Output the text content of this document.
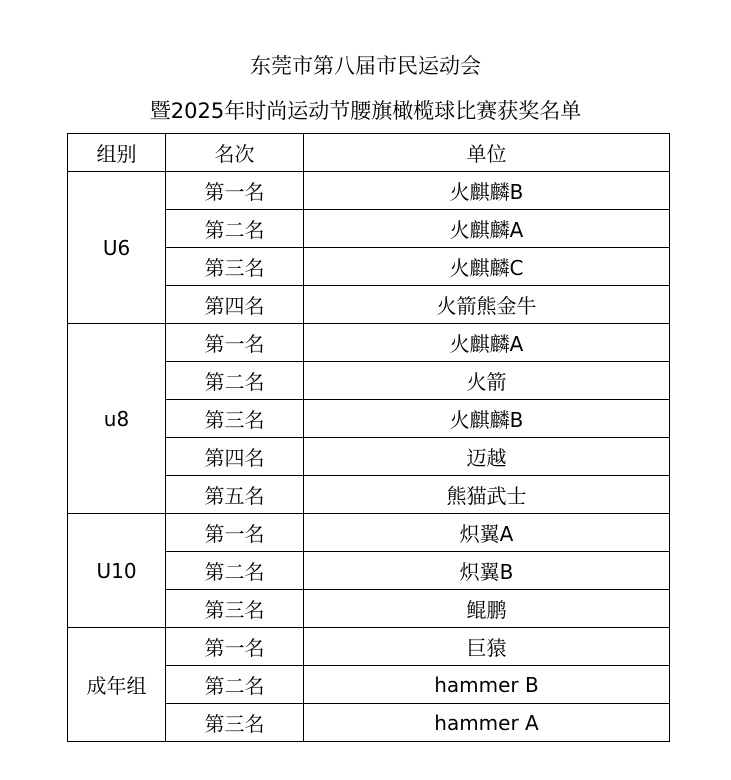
东莞市第八届市民运动会
暨2025年时尚运动节腰旗橄榄球比赛获奖名单
组别	名次	单位
U6	第一名	火麒麟B
	第二名	火麒麟A
	第三名	火麒麟C
	第四名	火箭熊金牛
u8	第一名	火麒麟A
	第二名	火箭
	第三名	火麒麟B
	第四名	迈越
	第五名	熊猫武士
U10	第一名	炽翼A
	第二名	炽翼B
	第三名	鲲鹏
成年组	第一名	巨猿
	第二名	hammer B
	第三名	hammer A
